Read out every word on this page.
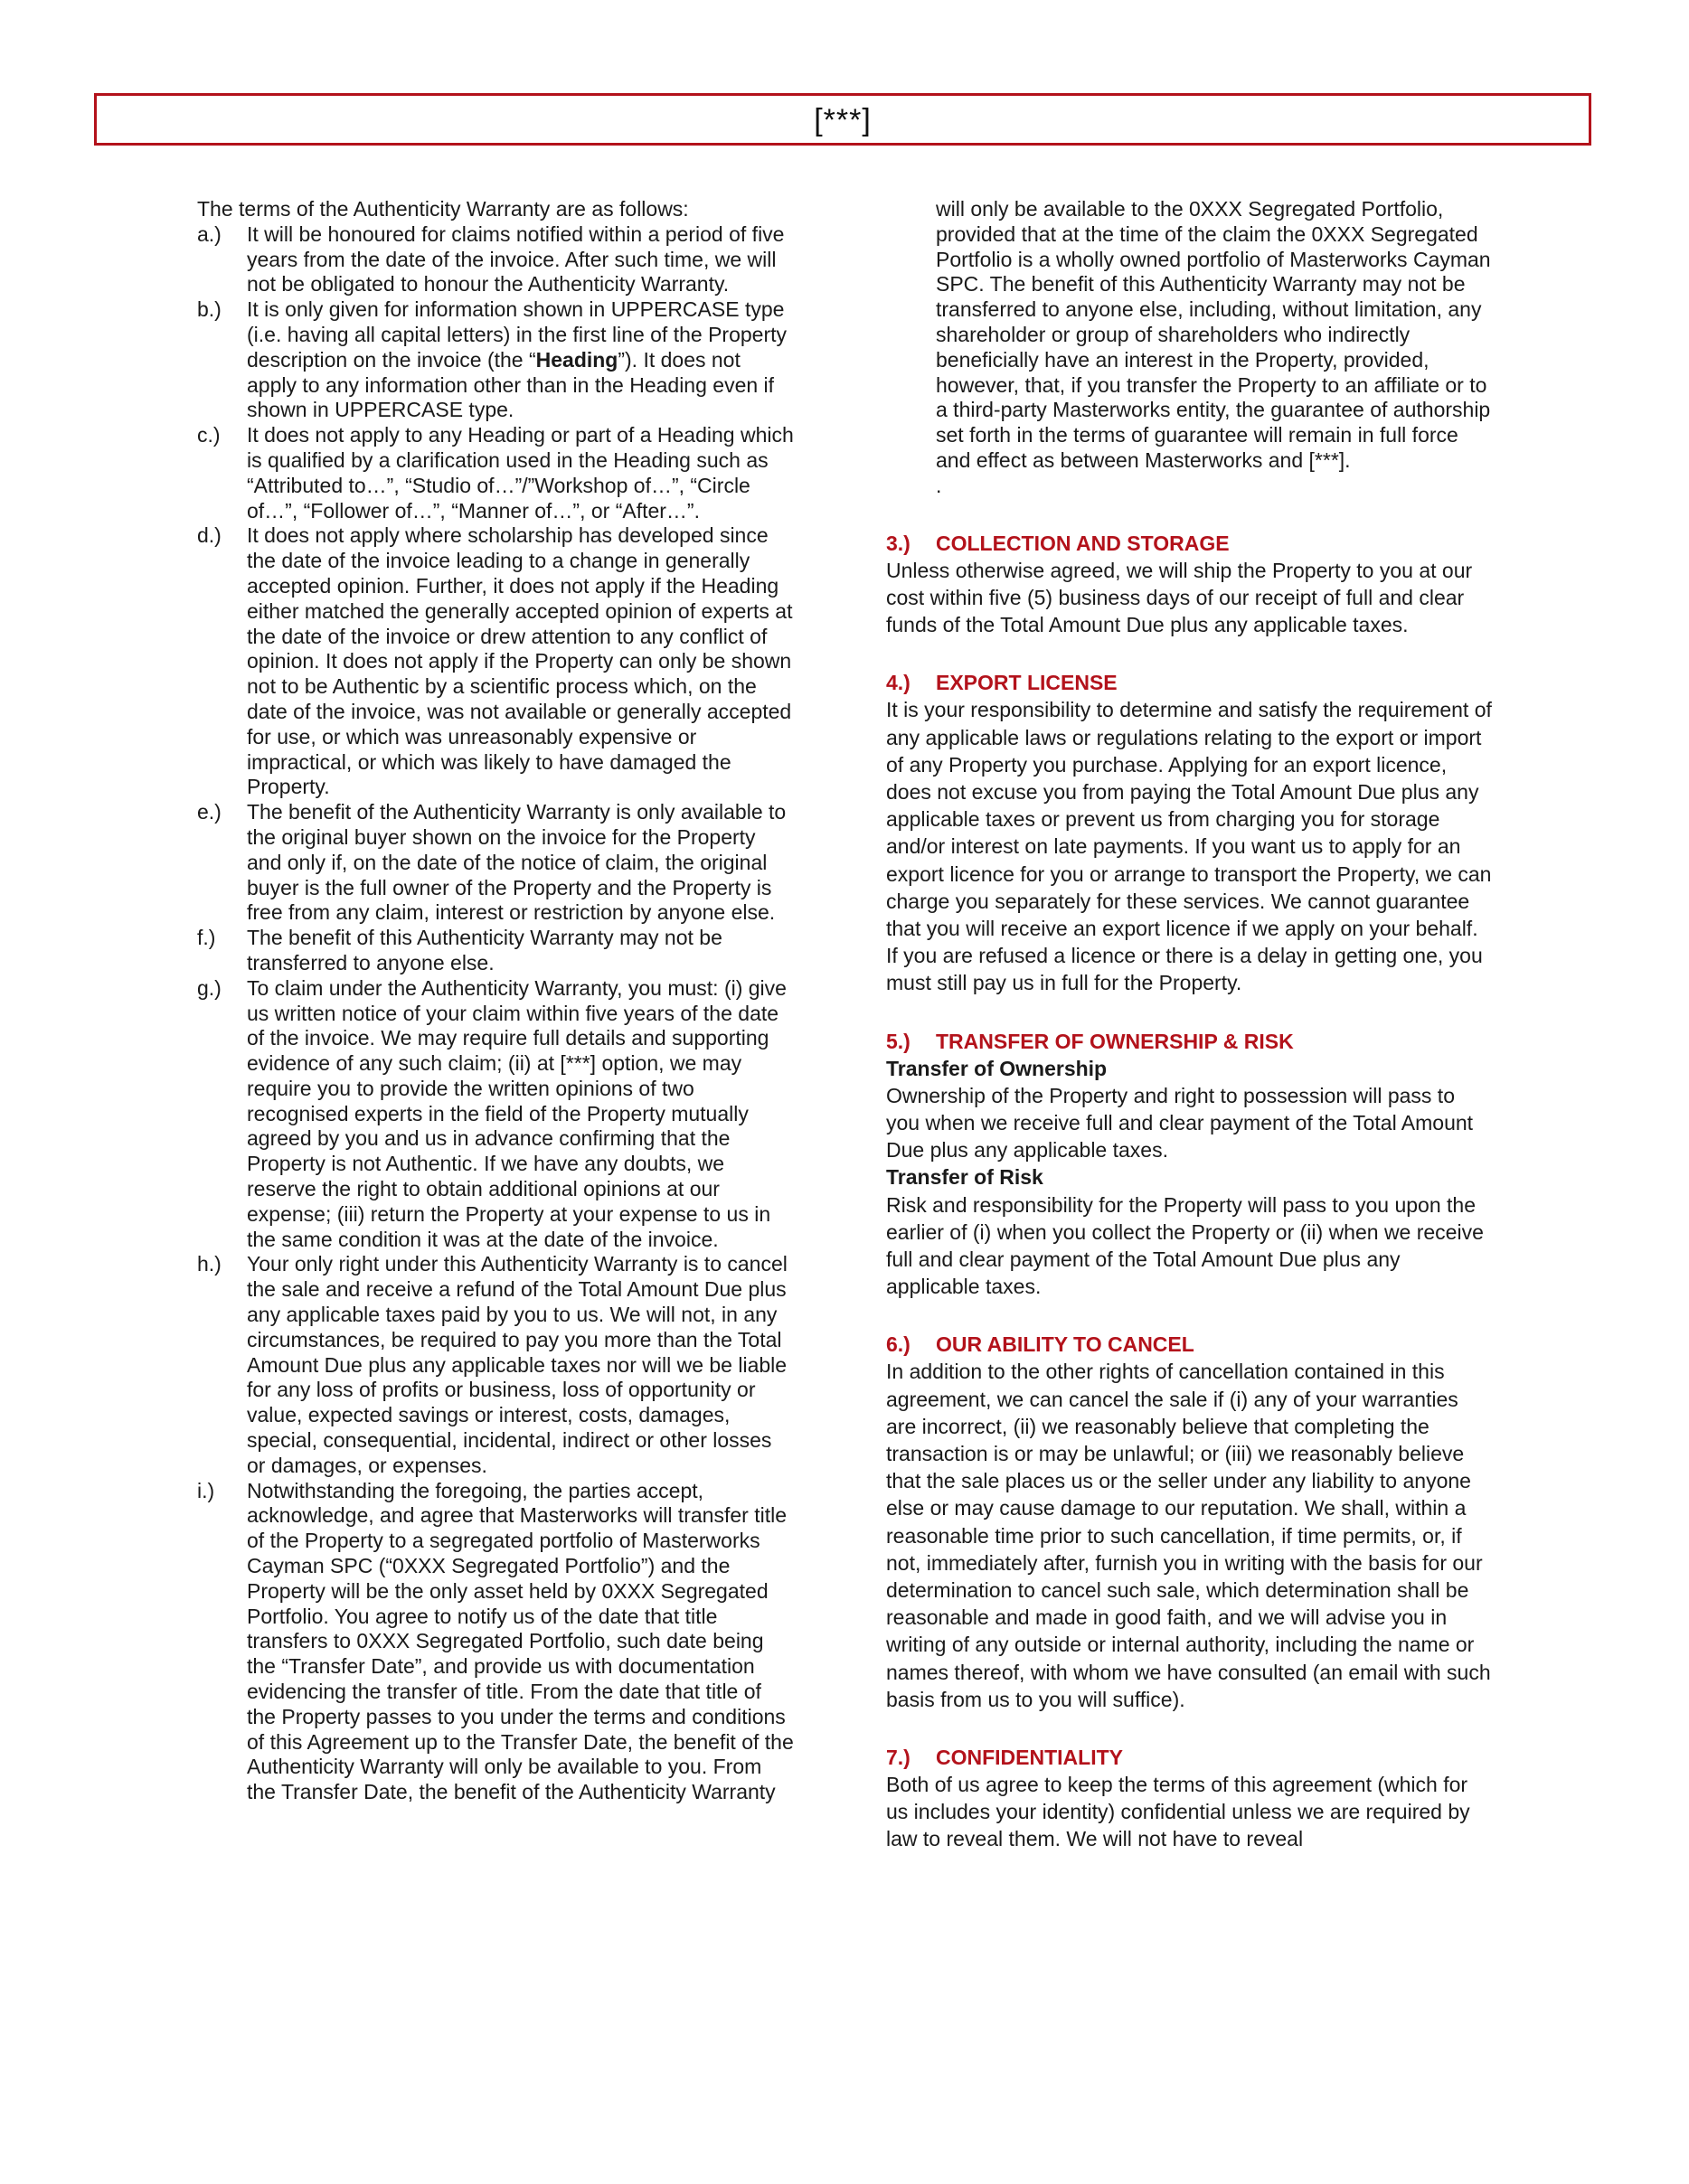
[***]

The terms of the Authenticity Warranty are as follows:

a.)	It will be honoured for claims notified within a period of five years from the date of the invoice. After such time, we will not be obligated to honour the Authenticity Warranty.
b.)	It is only given for information shown in UPPERCASE type (i.e. having all capital letters) in the first line of the Property description on the invoice (the “Heading”). It does not apply to any information other than in the Heading even if shown in UPPERCASE type.
c.)	It does not apply to any Heading or part of a Heading which is qualified by a clarification used in the Heading such as “Attributed to…”, “Studio of…”/”Workshop of…”, “Circle of…”, “Follower of…”, “Manner of…”, or “After…”.
d.)	It does not apply where scholarship has developed since the date of the invoice leading to a change in generally accepted opinion. Further, it does not apply if the Heading either matched the generally accepted opinion of experts at the date of the invoice or drew attention to any conflict of opinion. It does not apply if the Property can only be shown not to be Authentic by a scientific process which, on the date of the invoice, was not available or generally accepted for use, or which was unreasonably expensive or impractical, or which was likely to have damaged the Property.
e.)	The benefit of the Authenticity Warranty is only available to the original buyer shown on the invoice for the Property and only if, on the date of the notice of claim, the original buyer is the full owner of the Property and the Property is free from any claim, interest or restriction by anyone else.
f.)	The benefit of this Authenticity Warranty may not be transferred to anyone else.
g.)	To claim under the Authenticity Warranty, you must: (i) give us written notice of your claim within five years of the date of the invoice. We may require full details and supporting evidence of any such claim; (ii) at [***] option, we may require you to provide the written opinions of two recognised experts in the field of the Property mutually agreed by you and us in advance confirming that the Property is not Authentic. If we have any doubts, we reserve the right to obtain additional opinions at our expense; (iii) return the Property at your expense to us in the same condition it was at the date of the invoice.
h.)	Your only right under this Authenticity Warranty is to cancel the sale and receive a refund of the Total Amount Due plus any applicable taxes paid by you to us. We will not, in any circumstances, be required to pay you more than the Total Amount Due plus any applicable taxes nor will we be liable for any loss of profits or business, loss of opportunity or value, expected savings or interest, costs, damages, special, consequential, incidental, indirect or other losses or damages, or expenses.
i.)	Notwithstanding the foregoing, the parties accept, acknowledge, and agree that Masterworks will transfer title of the Property to a segregated portfolio of Masterworks Cayman SPC (“0XXX Segregated Portfolio”) and the Property will be the only asset held by 0XXX Segregated Portfolio. You agree to notify us of the date that title transfers to 0XXX Segregated Portfolio, such date being the “Transfer Date”, and provide us with documentation evidencing the transfer of title. From the date that title of the Property passes to you under the terms and conditions of this Agreement up to the Transfer Date, the benefit of the Authenticity Warranty will only be available to you. From the Transfer Date, the benefit of the Authenticity Warranty
will only be available to the 0XXX Segregated Portfolio, provided that at the time of the claim the 0XXX Segregated Portfolio is a wholly owned portfolio of Masterworks Cayman SPC. The benefit of this Authenticity Warranty may not be transferred to anyone else, including, without limitation, any shareholder or group of shareholders who indirectly beneficially have an interest in the Property, provided, however, that, if you transfer the Property to an affiliate or to a third-party Masterworks entity, the guarantee of authorship set forth in the terms of guarantee will remain in full force and effect as between Masterworks and [***].
.
3.)	COLLECTION AND STORAGE

Unless otherwise agreed, we will ship the Property to you at our cost within five (5) business days of our receipt of full and clear funds of the Total Amount Due plus any applicable taxes.

4.)	EXPORT LICENSE

It is your responsibility to determine and satisfy the requirement of any applicable laws or regulations relating to the export or import of any Property you purchase. Applying for an export licence, does not excuse you from paying the Total Amount Due plus any applicable taxes or prevent us from charging you for storage and/or interest on late payments. If you want us to apply for an export licence for you or arrange to transport the Property, we can charge you separately for these services. We cannot guarantee that you will receive an export licence if we apply on your behalf. If you are refused a licence or there is a delay in getting one, you must still pay us in full for the Property.

5.)	TRANSFER OF OWNERSHIP & RISK
Transfer of Ownership

Ownership of the Property and right to possession will pass to you when we receive full and clear payment of the Total Amount Due plus any applicable taxes.

Transfer of Risk

Risk and responsibility for the Property will pass to you upon the earlier of (i) when you collect the Property or (ii) when we receive full and clear payment of the Total Amount Due plus any applicable taxes.

6.)	OUR ABILITY TO CANCEL

In addition to the other rights of cancellation contained in this agreement, we can cancel the sale if (i) any of your warranties are incorrect, (ii) we reasonably believe that completing the transaction is or may be unlawful; or (iii) we reasonably believe that the sale places us or the seller under any liability to anyone else or may cause damage to our reputation. We shall, within a reasonable time prior to such cancellation, if time permits, or, if not, immediately after, furnish you in writing with the basis for our determination to cancel such sale, which determination shall be reasonable and made in good faith, and we will advise you in writing of any outside or internal authority, including the name or names thereof, with whom we have consulted (an email with such basis from us to you will suffice).

7.)	CONFIDENTIALITY

Both of us agree to keep the terms of this agreement (which for us includes your identity) confidential unless we are required by law to reveal them. We will not have to reveal
